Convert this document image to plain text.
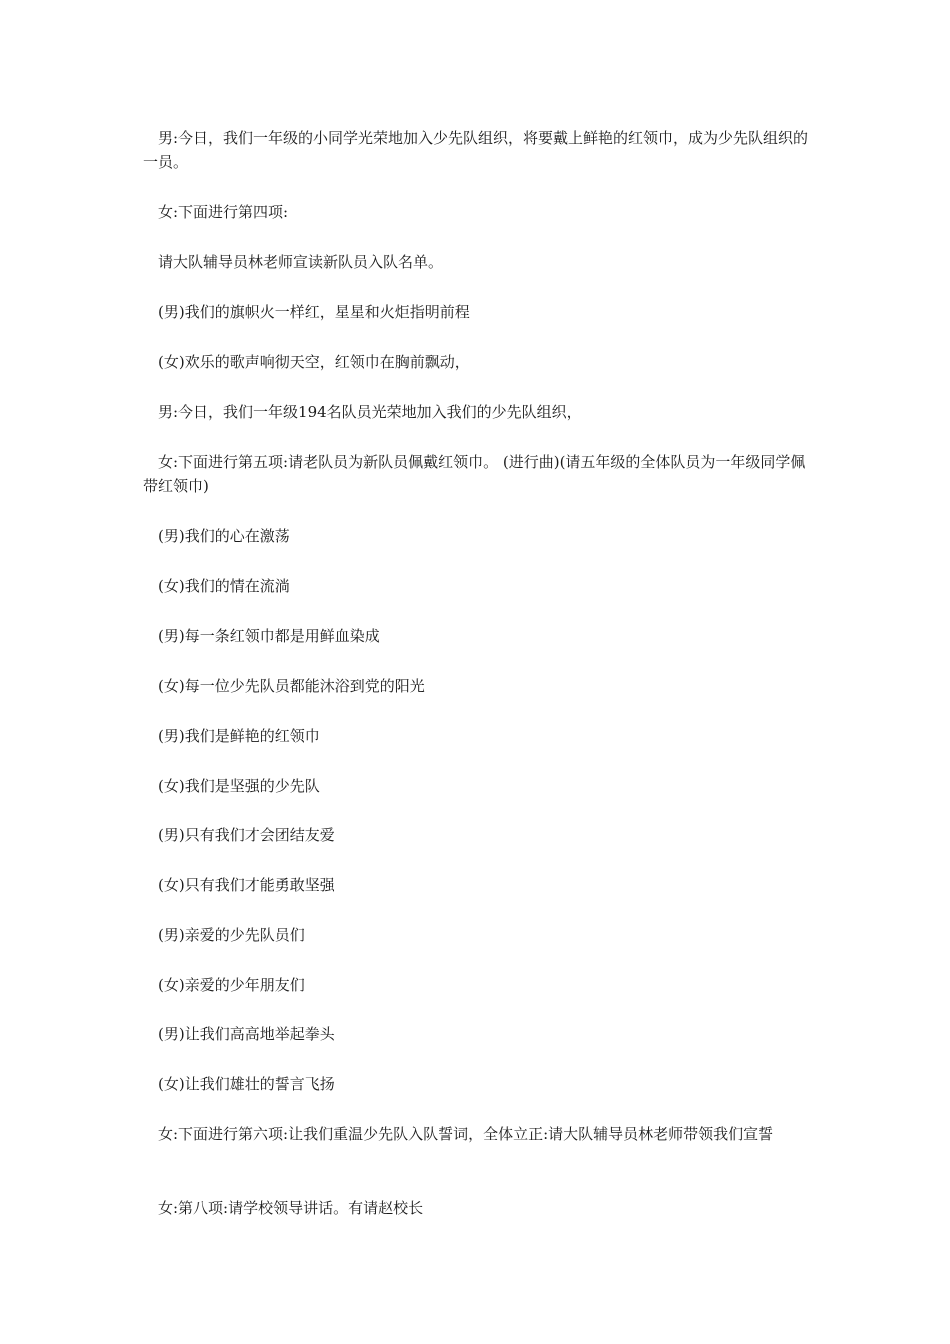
男:今日，我们一年级的小同学光荣地加入少先队组织，将要戴上鲜艳的红领巾，成为少先队组织的一员。

女:下面进行第四项:

请大队辅导员林老师宣读新队员入队名单。

(男)我们的旗帜火一样红，星星和火炬指明前程

(女)欢乐的歌声响彻天空，红领巾在胸前飘动，

男:今日，我们一年级194名队员光荣地加入我们的少先队组织，

女:下面进行第五项:请老队员为新队员佩戴红领巾。 (进行曲)(请五年级的全体队员为一年级同学佩带红领巾)

(男)我们的心在激荡

(女)我们的情在流淌

(男)每一条红领巾都是用鲜血染成

(女)每一位少先队员都能沐浴到党的阳光

(男)我们是鲜艳的红领巾

(女)我们是坚强的少先队

(男)只有我们才会团结友爱

(女)只有我们才能勇敢坚强

(男)亲爱的少先队员们

(女)亲爱的少年朋友们

(男)让我们高高地举起拳头

(女)让我们雄壮的誓言飞扬

女:下面进行第六项:让我们重温少先队入队誓词，全体立正:请大队辅导员林老师带领我们宣誓

女:第八项:请学校领导讲话。有请赵校长
